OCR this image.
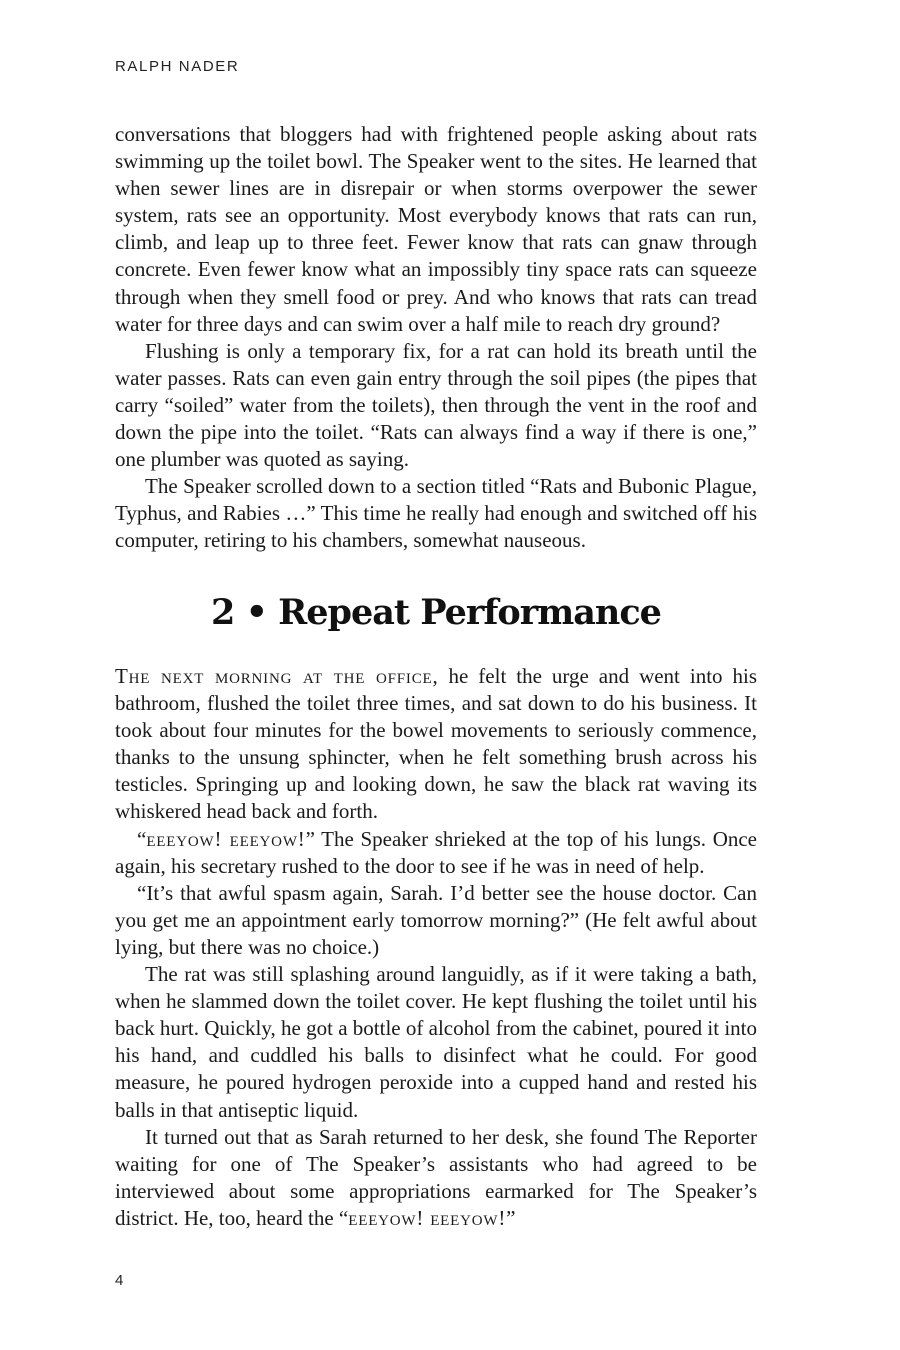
RALPH NADER

conversations that bloggers had with frightened people asking about rats swimming up the toilet bowl. The Speaker went to the sites. He learned that when sewer lines are in disrepair or when storms overpower the sewer system, rats see an opportunity. Most everybody knows that rats can run, climb, and leap up to three feet. Fewer know that rats can gnaw through concrete. Even fewer know what an impossibly tiny space rats can squeeze through when they smell food or prey. And who knows that rats can tread water for three days and can swim over a half mile to reach dry ground?

Flushing is only a temporary fix, for a rat can hold its breath until the water passes. Rats can even gain entry through the soil pipes (the pipes that carry “soiled” water from the toilets), then through the vent in the roof and down the pipe into the toilet. “Rats can always find a way if there is one,” one plumber was quoted as saying.

The Speaker scrolled down to a section titled “Rats and Bubonic Plague, Typhus, and Rabies …” This time he really had enough and switched off his computer, retiring to his chambers, somewhat nauseous.

2 • Repeat Performance

The next morning at the office, he felt the urge and went into his bathroom, flushed the toilet three times, and sat down to do his business. It took about four minutes for the bowel movements to seriously commence, thanks to the unsung sphincter, when he felt something brush across his testicles. Springing up and looking down, he saw the black rat waving its whiskered head back and forth.

“eeeyow! eeeyow!” The Speaker shrieked at the top of his lungs. Once again, his secretary rushed to the door to see if he was in need of help.

“It’s that awful spasm again, Sarah. I’d better see the house doctor. Can you get me an appointment early tomorrow morning?” (He felt awful about lying, but there was no choice.)

The rat was still splashing around languidly, as if it were taking a bath, when he slammed down the toilet cover. He kept flushing the toilet until his back hurt. Quickly, he got a bottle of alcohol from the cabinet, poured it into his hand, and cuddled his balls to disinfect what he could. For good measure, he poured hydrogen peroxide into a cupped hand and rested his balls in that antiseptic liquid.

It turned out that as Sarah returned to her desk, she found The Reporter waiting for one of The Speaker’s assistants who had agreed to be interviewed about some appropriations earmarked for The Speaker’s district. He, too, heard the “eeeyow! eeeyow!”

4
